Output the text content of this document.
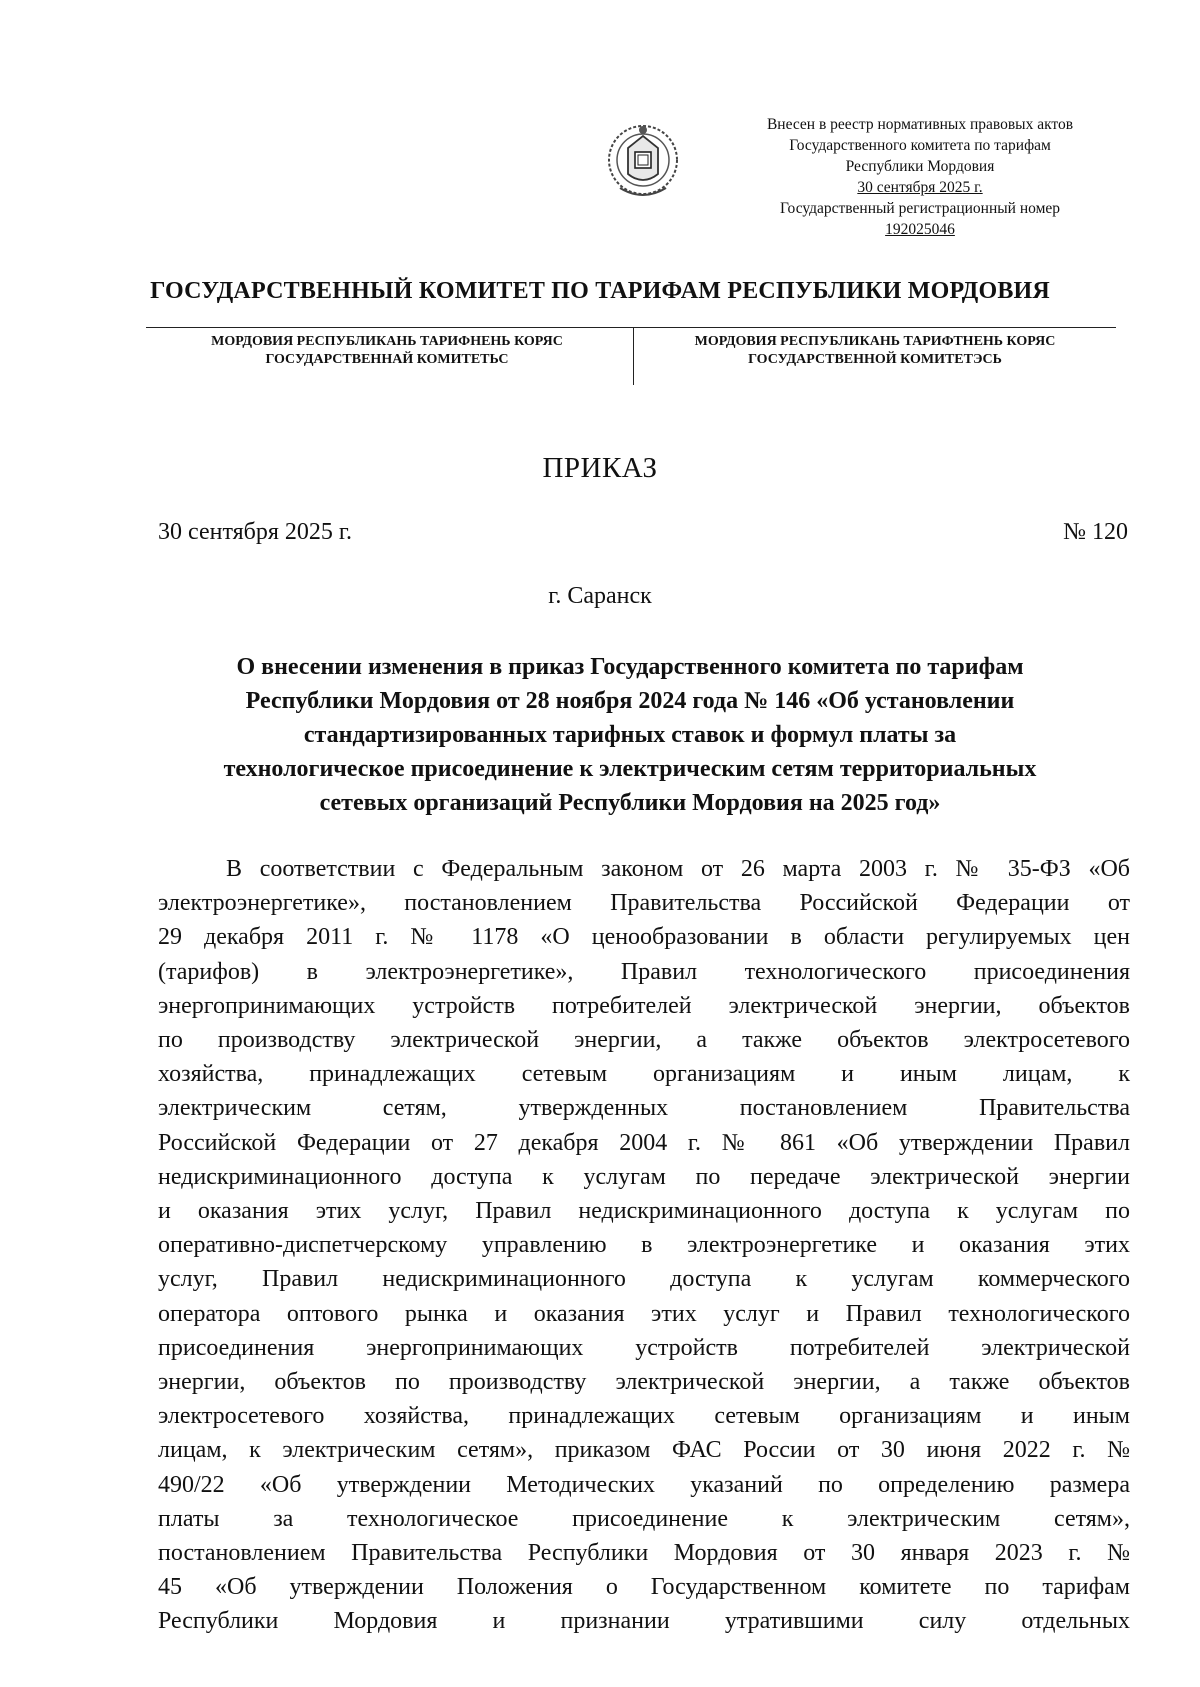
Внесен в реестр нормативных правовых актов
Государственного комитета по тарифам
Республики Мордовия
30 сентября 2025 г.
Государственный регистрационный номер
192025046
ГОСУДАРСТВЕННЫЙ КОМИТЕТ ПО ТАРИФАМ РЕСПУБЛИКИ МОРДОВИЯ
МОРДОВИЯ РЕСПУБЛИКАНЬ ТАРИФНЕНЬ КОРЯС
ГОСУДАРСТВЕННАЙ КОМИТЕТЬС
МОРДОВИЯ РЕСПУБЛИКАНЬ ТАРИФТНЕНЬ КОРЯС
ГОСУДАРСТВЕННОЙ КОМИТЕТЭСЬ
ПРИКАЗ
30 сентября 2025 г.	№ 120
г. Саранск
О внесении изменения в приказ Государственного комитета по тарифам
Республики Мордовия от 28 ноября 2024 года № 146 «Об установлении
стандартизированных тарифных ставок и формул платы за
технологическое присоединение к электрическим сетям территориальных
сетевых организаций Республики Мордовия на 2025 год»
В соответствии с Федеральным законом от 26 марта 2003 г. № 35-ФЗ «Об
электроэнергетике», постановлением Правительства Российской Федерации от
29 декабря 2011 г. № 1178 «О ценообразовании в области регулируемых цен
(тарифов) в электроэнергетике», Правил технологического присоединения
энергопринимающих устройств потребителей электрической энергии, объектов
по производству электрической энергии, а также объектов электросетевого
хозяйства, принадлежащих сетевым организациям и иным лицам, к
электрическим сетям, утвержденных постановлением Правительства
Российской Федерации от 27 декабря 2004 г. № 861 «Об утверждении Правил
недискриминационного доступа к услугам по передаче электрической энергии
и оказания этих услуг, Правил недискриминационного доступа к услугам по
оперативно-диспетчерскому управлению в электроэнергетике и оказания этих
услуг, Правил недискриминационного доступа к услугам коммерческого
оператора оптового рынка и оказания этих услуг и Правил технологического
присоединения энергопринимающих устройств потребителей электрической
энергии, объектов по производству электрической энергии, а также объектов
электросетевого хозяйства, принадлежащих сетевым организациям и иным
лицам, к электрическим сетям», приказом ФАС России от 30 июня 2022 г. №
490/22 «Об утверждении Методических указаний по определению размера
платы за технологическое присоединение к электрическим сетям»,
постановлением Правительства Республики Мордовия от 30 января 2023 г. №
45 «Об утверждении Положения о Государственном комитете по тарифам
Республики Мордовия и признании утратившими силу отдельных
